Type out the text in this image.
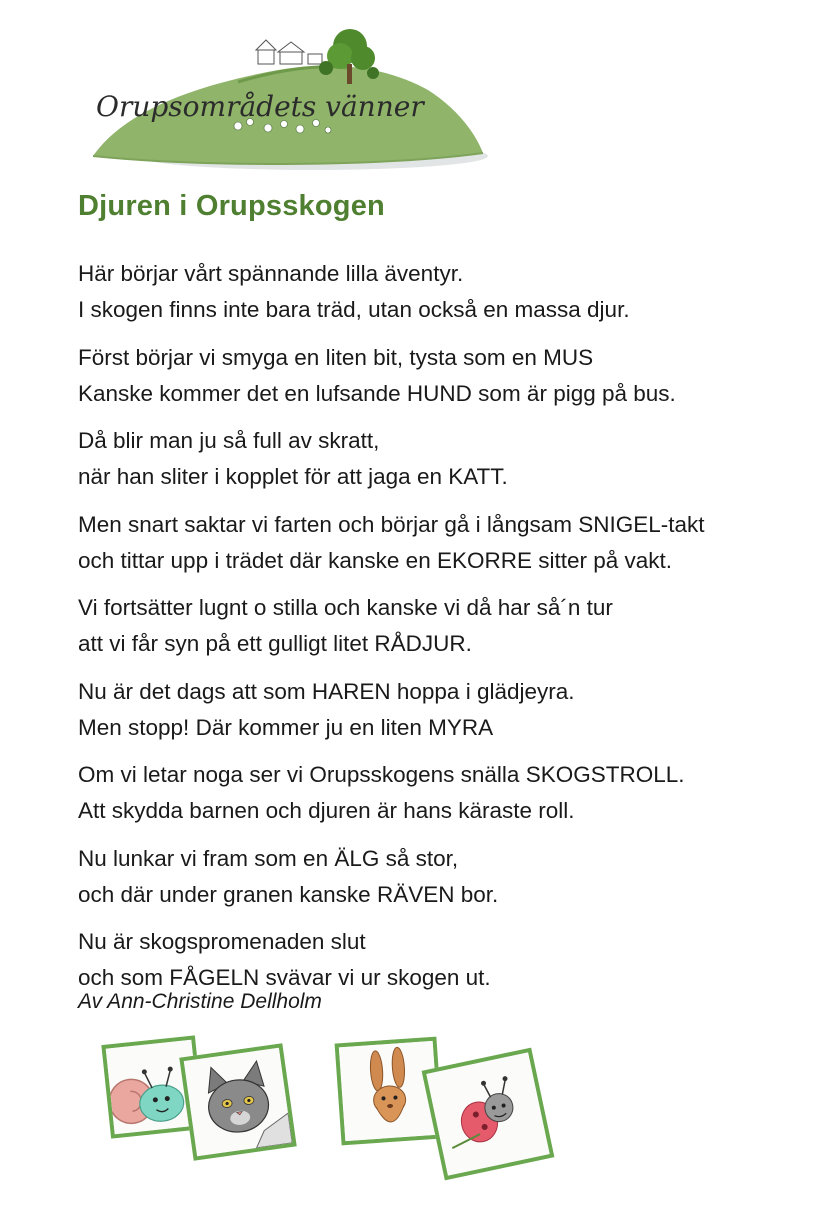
Orupsområdets vänner
Djuren i Orupsskogen
Här börjar vårt spännande lilla äventyr.
I skogen finns inte bara träd, utan också en massa djur.
Först börjar vi smyga en liten bit, tysta som en MUS
Kanske kommer det en lufsande HUND som är pigg på bus.
Då blir man ju så full av skratt,
när han sliter i kopplet för att jaga en KATT.
Men snart saktar vi farten och börjar gå i långsam SNIGEL-takt
och tittar upp i trädet där kanske en EKORRE sitter på vakt.
Vi fortsätter lugnt o stilla och kanske vi då har så´n tur
att vi får syn på ett gulligt litet RÅDJUR.
Nu är det dags att som HAREN hoppa i glädjeyra.
Men stopp! Där kommer ju en liten MYRA
Om vi letar noga ser vi Orupsskogens snälla SKOGSTROLL.
Att skydda barnen och djuren är hans käraste roll.
Nu lunkar vi fram som en ÄLG så stor,
och där under granen kanske RÄVEN bor.
Nu är skogspromenaden slut
och som FÅGELN svävar vi ur skogen ut.
Av Ann-Christine Dellholm
